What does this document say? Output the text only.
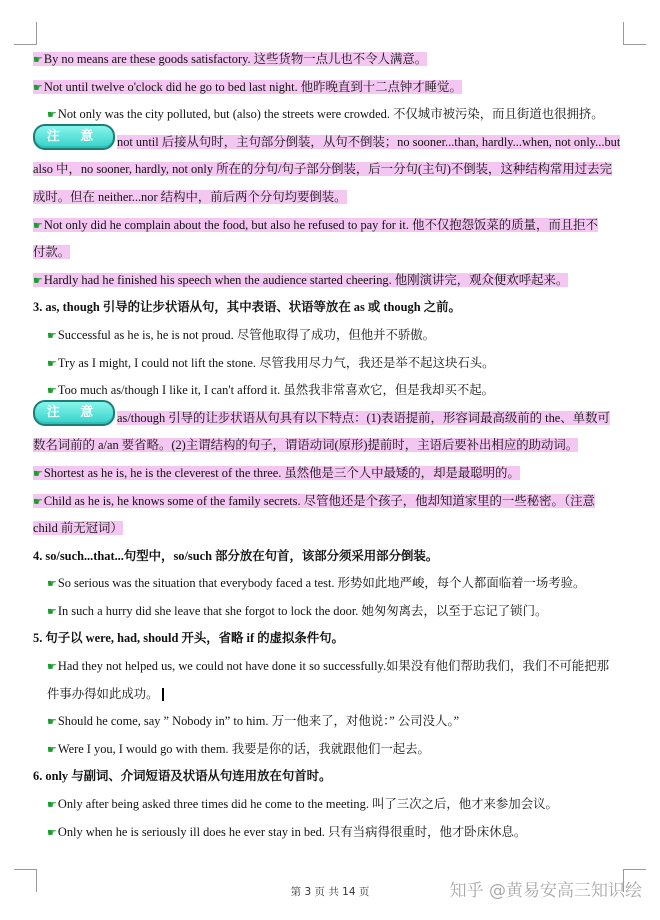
☛By no means are these goods satisfactory. 这些货物一点儿也不令人满意。
☛Not until twelve o'clock did he go to bed last night. 他昨晚直到十二点钟才睡觉。
☛Not only was the city polluted, but (also) the streets were crowded. 不仅城市被污染，而且街道也很拥挤。
注 意 not until 后接从句时，主句部分倒装，从句不倒装；no sooner...than, hardly...when, not only...but
also 中，no sooner, hardly, not only 所在的分句/句子部分倒装，后一分句(主句)不倒装，这种结构常用过去完
成时。但在 neither...nor 结构中，前后两个分句均要倒装。
☛Not only did he complain about the food, but also he refused to pay for it. 他不仅抱怨饭菜的质量，而且拒不
付款。
☛Hardly had he finished his speech when the audience started cheering. 他刚演讲完，观众便欢呼起来。
3. as, though 引导的让步状语从句，其中表语、状语等放在 as 或 though 之前。
☛Successful as he is, he is not proud. 尽管他取得了成功，但他并不骄傲。
☛Try as I might, I could not lift the stone. 尽管我用尽力气，我还是举不起这块石头。
☛Too much as/though I like it, I can't afford it. 虽然我非常喜欢它，但是我却买不起。
注 意 as/though 引导的让步状语从句具有以下特点：(1)表语提前，形容词最高级前的 the、单数可
数名词前的 a/an 要省略。(2)主谓结构的句子，谓语动词(原形)提前时，主语后要补出相应的助动词。
☛Shortest as he is, he is the cleverest of the three. 虽然他是三个人中最矮的，却是最聪明的。
☛Child as he is, he knows some of the family secrets. 尽管他还是个孩子，他却知道家里的一些秘密。（注意
child 前无冠词）
4. so/such...that...句型中，so/such 部分放在句首，该部分须采用部分倒装。
☛So serious was the situation that everybody faced a test. 形势如此地严峻，每个人都面临着一场考验。
☛In such a hurry did she leave that she forgot to lock the door. 她匆匆离去，以至于忘记了锁门。
5. 句子以 were, had, should 开头，省略 if 的虚拟条件句。
☛Had they not helped us, we could not have done it so successfully.如果没有他们帮助我们，我们不可能把那
件事办得如此成功。
☛Should he come, say ” Nobody in” to him. 万一他来了，对他说：” 公司没人。”
☛Were I you, I would go with them. 我要是你的话，我就跟他们一起去。
6. only 与副词、介词短语及状语从句连用放在句首时。
☛Only after being asked three times did he come to the meeting. 叫了三次之后，他才来参加会议。
☛Only when he is seriously ill does he ever stay in bed. 只有当病得很重时，他才卧床休息。
第 3 页 共 14 页	知乎 @黄易安高三知识绘
